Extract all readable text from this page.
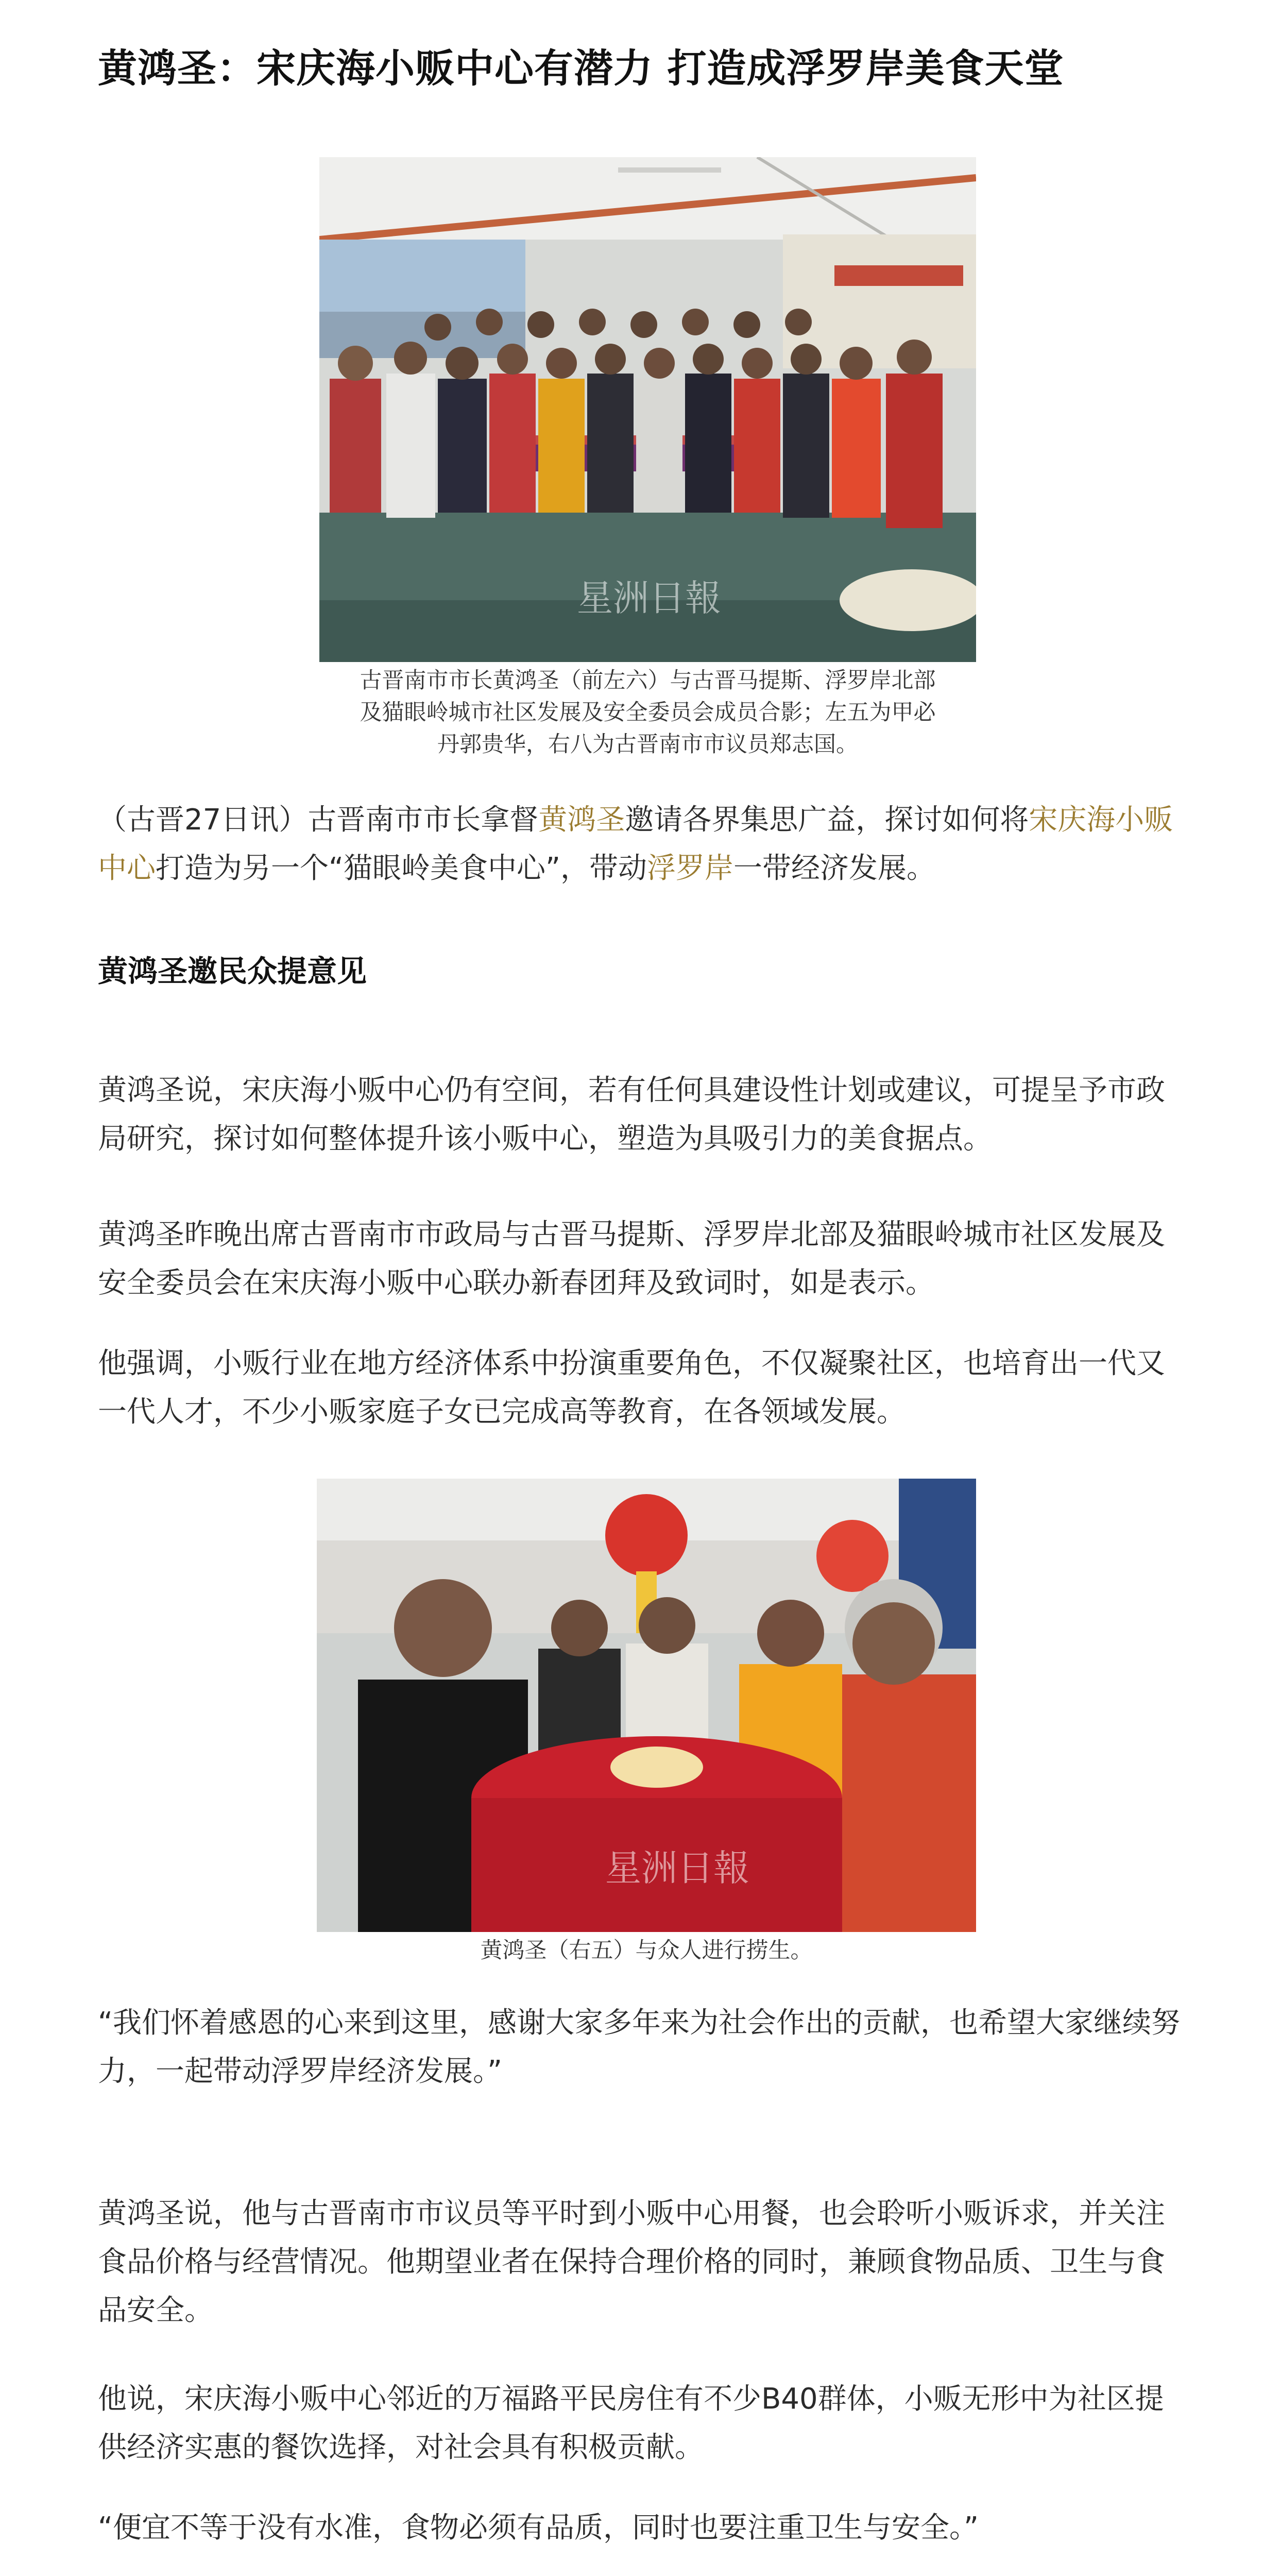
黄鸿圣：宋庆海小贩中心有潜力 打造成浮罗岸美食天堂
星洲日報
古晋南市市长黄鸿圣（前左六）与古晋马提斯、浮罗岸北部
及猫眼岭城市社区发展及安全委员会成员合影；左五为甲必
丹郭贵华，右八为古晋南市市议员郑志国。

（古晋27日讯）古晋南市市长拿督黄鸿圣邀请各界集思广益，探讨如何将宋庆海小贩中心打造为另一个“猫眼岭美食中心”，带动浮罗岸一带经济发展。

黄鸿圣邀民众提意见

黄鸿圣说，宋庆海小贩中心仍有空间，若有任何具建设性计划或建议，可提呈予市政局研究，探讨如何整体提升该小贩中心，塑造为具吸引力的美食据点。

黄鸿圣昨晚出席古晋南市市政局与古晋马提斯、浮罗岸北部及猫眼岭城市社区发展及安全委员会在宋庆海小贩中心联办新春团拜及致词时，如是表示。

他强调，小贩行业在地方经济体系中扮演重要角色，不仅凝聚社区，也培育出一代又一代人才，不少小贩家庭子女已完成高等教育，在各领域发展。

星洲日報
黄鸿圣（右五）与众人进行捞生。

“我们怀着感恩的心来到这里，感谢大家多年来为社会作出的贡献，也希望大家继续努力，一起带动浮罗岸经济发展。”

黄鸿圣说，他与古晋南市市议员等平时到小贩中心用餐，也会聆听小贩诉求，并关注食品价格与经营情况。他期望业者在保持合理价格的同时，兼顾食物品质、卫生与食品安全。

他说，宋庆海小贩中心邻近的万福路平民房住有不少B40群体，小贩无形中为社区提供经济实惠的餐饮选择，对社会具有积极贡献。

“便宜不等于没有水准，食物必须有品质，同时也要注重卫生与安全。”
